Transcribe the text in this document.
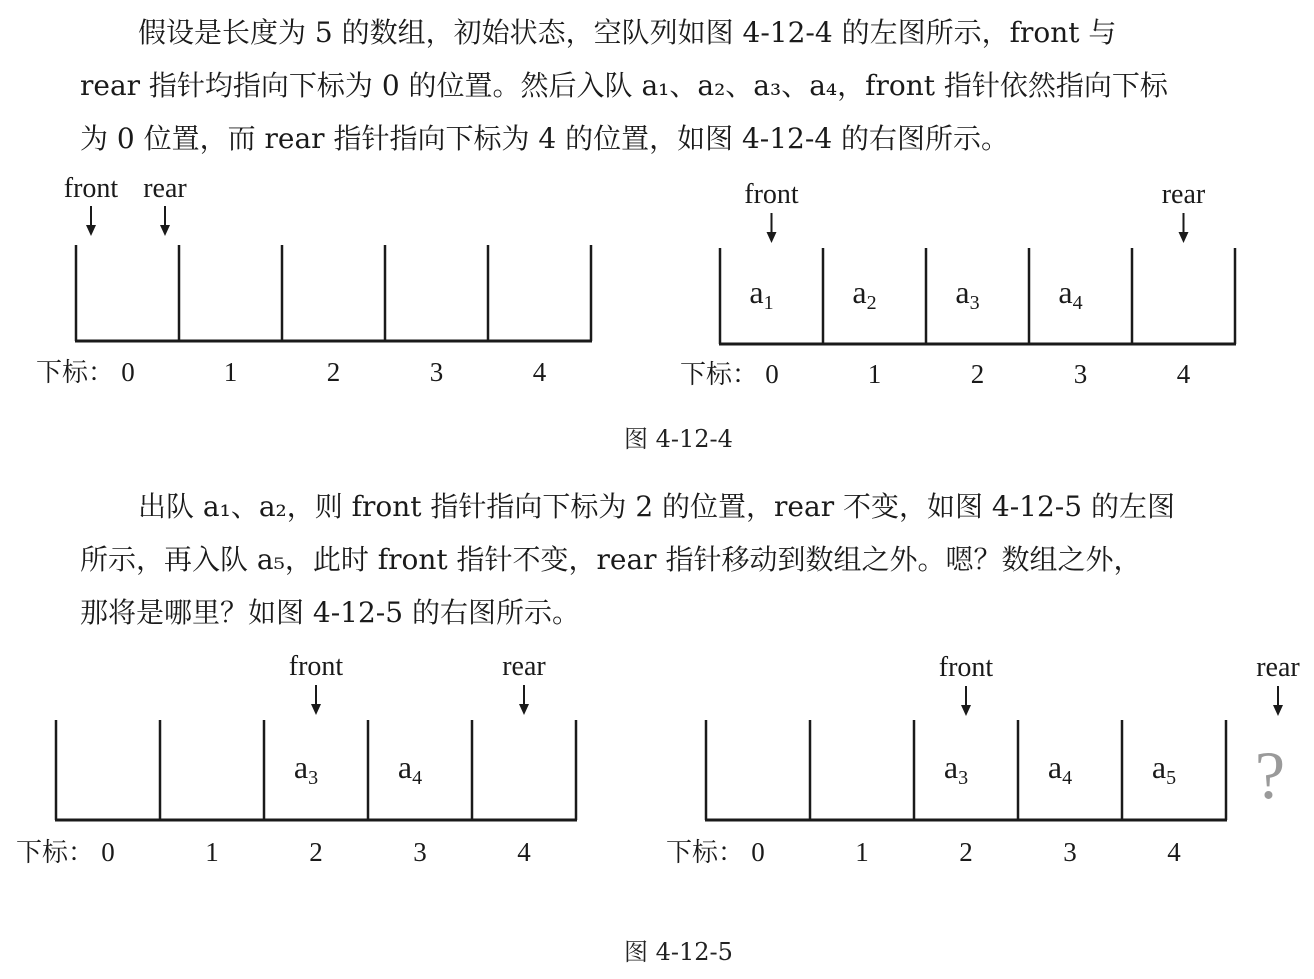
假设是长度为 5 的数组，初始状态，空队列如图 4-12-4 的左图所示，front 与
rear 指针均指向下标为 0 的位置。然后入队 a₁、a₂、a₃、a₄，front 指针依然指向下标
为 0 位置，而 rear 指针指向下标为 4 的位置，如图 4-12-4 的右图所示。

下标： 0	1	2	3	4
front rear
a1 a2 a3 a4
下标： 0	1	2	3	4
front	rear
图 4-12-4

出队 a₁、a₂，则 front 指针指向下标为 2 的位置，rear 不变，如图 4-12-5 的左图
所示，再入队 a₅，此时 front 指针不变，rear 指针移动到数组之外。嗯？数组之外，
那将是哪里？如图 4-12-5 的右图所示。

a3 a4
下标： 0	1	2	3	4
front	rear
a3 a4 a5
下标： 0	1	2	3	4
front	rear
?
图 4-12-5
